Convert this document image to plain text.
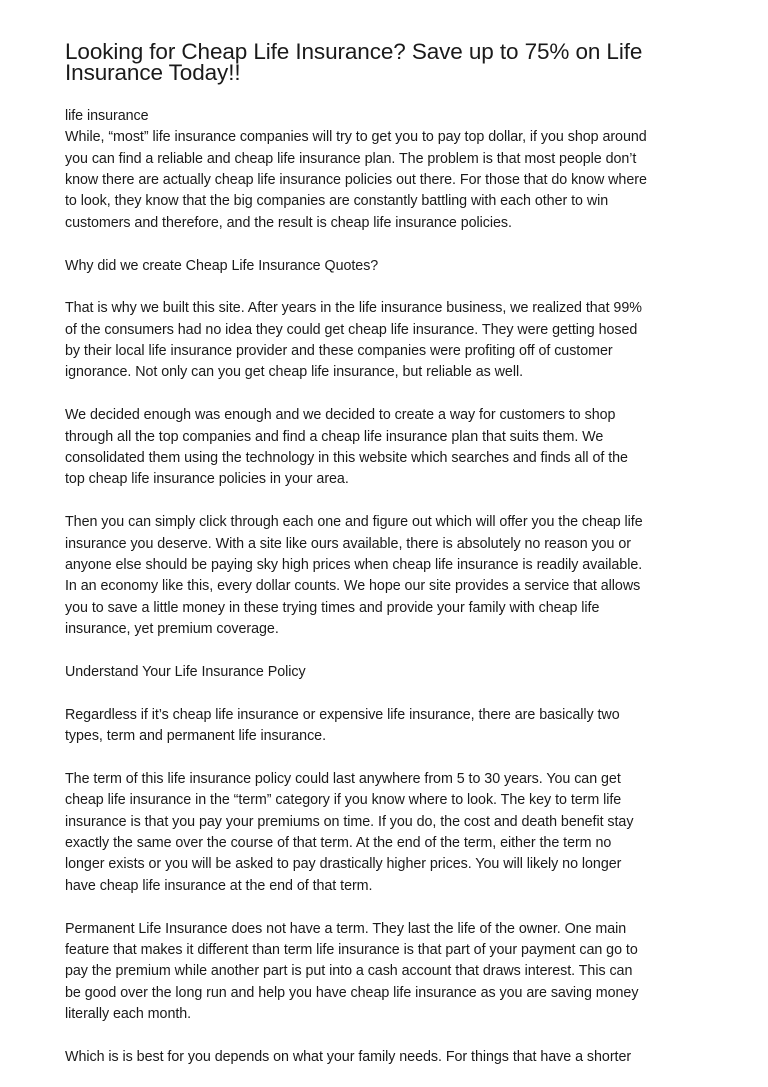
Looking for Cheap Life Insurance? Save up to 75% on Life
Insurance Today!!
life insurance
While, “most” life insurance companies will try to get you to pay top dollar, if you shop around
you can find a reliable and cheap life insurance plan. The problem is that most people don’t
know there are actually cheap life insurance policies out there. For those that do know where
to look, they know that the big companies are constantly battling with each other to win
customers and therefore, and the result is cheap life insurance policies.
Why did we create Cheap Life Insurance Quotes?
That is why we built this site. After years in the life insurance business, we realized that 99%
of the consumers had no idea they could get cheap life insurance. They were getting hosed
by their local life insurance provider and these companies were profiting off of customer
ignorance. Not only can you get cheap life insurance, but reliable as well.
We decided enough was enough and we decided to create a way for customers to shop
through all the top companies and find a cheap life insurance plan that suits them. We
consolidated them using the technology in this website which searches and finds all of the
top cheap life insurance policies in your area.
Then you can simply click through each one and figure out which will offer you the cheap life
insurance you deserve. With a site like ours available, there is absolutely no reason you or
anyone else should be paying sky high prices when cheap life insurance is readily available.
In an economy like this, every dollar counts. We hope our site provides a service that allows
you to save a little money in these trying times and provide your family with cheap life
insurance, yet premium coverage.
Understand Your Life Insurance Policy
Regardless if it’s cheap life insurance or expensive life insurance, there are basically two
types, term and permanent life insurance.
The term of this life insurance policy could last anywhere from 5 to 30 years. You can get
cheap life insurance in the “term” category if you know where to look. The key to term life
insurance is that you pay your premiums on time. If you do, the cost and death benefit stay
exactly the same over the course of that term. At the end of the term, either the term no
longer exists or you will be asked to pay drastically higher prices. You will likely no longer
have cheap life insurance at the end of that term.
Permanent Life Insurance does not have a term. They last the life of the owner. One main
feature that makes it different than term life insurance is that part of your payment can go to
pay the premium while another part is put into a cash account that draws interest. This can
be good over the long run and help you have cheap life insurance as you are saving money
literally each month.
Which is is best for you depends on what your family needs. For things that have a shorter
